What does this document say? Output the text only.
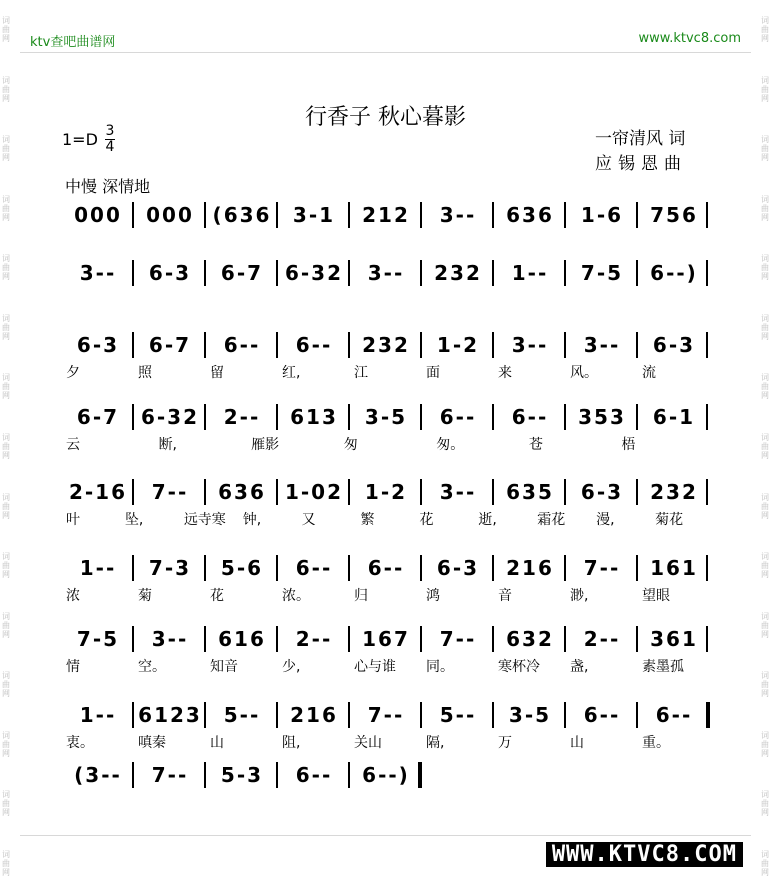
词
曲
网
词
曲
网
词
曲
网
词
曲
网
词
曲
网
词
曲
网
词
曲
网
词
曲
网
词
曲
网
词
曲
网
词
曲
网
词
曲
网
词
曲
网
词
曲
网
词
曲
网
词
曲
网
词
曲
网
词
曲
网
词
曲
网
词
曲
网
词
曲
网
词
曲
网
词
曲
网
词
曲
网
词
曲
网
词
曲
网
词
曲
网
词
曲
网
词
曲
网
词
曲
网
ktv查吧曲谱网	www.ktvc8.com
行香子 秋心暮影
1=D 3
4	一帘清风 词
应锡恩曲
中慢 深情地
000	000 (636	3-1	212	3--	636	1-6	756
3--	6-3	6-7	6-32	3--	232	1--	7-5	6--)
6-3	6-7	6--	6--	232	1-2	3--	3--	6-3
夕	照	留	红,	江	面	来	风。	流
6-7	6-32	2--	613	3-5	6--	6--	353	6-1
云	断,	雁影	匆	匆。	苍	梧
2-16	7--	636 1-02	1-2	3--	635	6-3	232
叶	坠,	远寺寒 钟,	又	繁	花	逝,	霜花 漫,	菊花
1--	7-3	5-6	6--	6--	6-3	216	7--	161
浓	菊	花	浓。	归	鸿	音	渺,	望眼
7-5	3--	616	2--	167	7--	632	2--	361
情	空。	知音	少,	心与谁 同。	寒杯冷 盏,	素墨孤
1--	6123	5--	216	7--	5--	3-5	6--	6--
衷。	嗔秦	山	阻,	关山	隔,	万	山	重。
(3--	7--	5-3	6--	6--)
WWW.KTVC8.COM
